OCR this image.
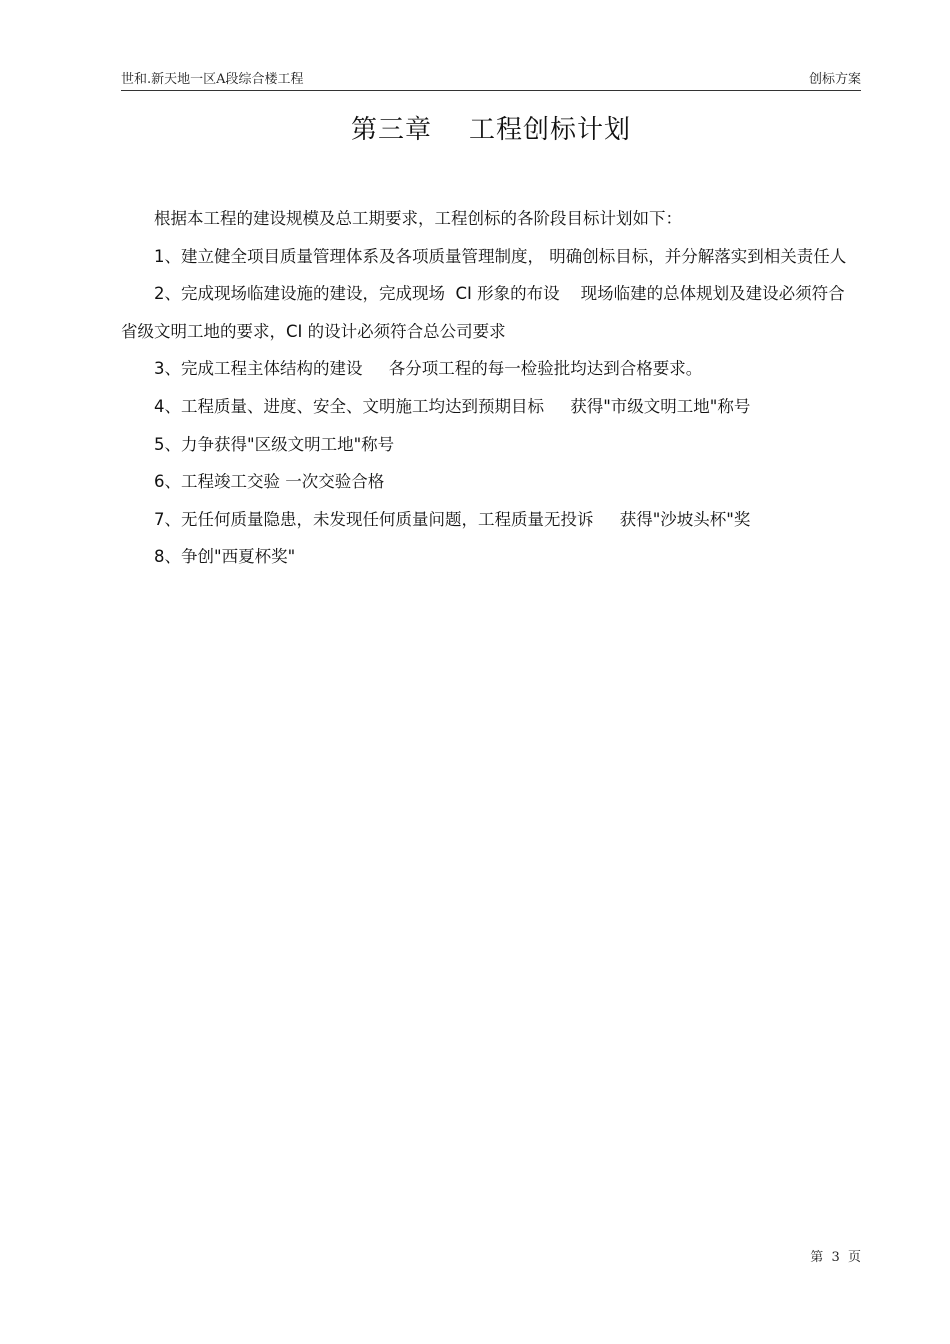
世和.新天地一区A段综合楼工程	创标方案
第三章    工程创标计划

根据本工程的建设规模及总工期要求，工程创标的各阶段目标计划如下：

1、建立健全项目质量管理体系及各项质量管理制度， 明确创标目标，并分解落实到相关责任人

2、完成现场临建设施的建设，完成现场  CI 形象的布设    现场临建的总体规划及建设必须符合省级文明工地的要求，CI 的设计必须符合总公司要求

3、完成工程主体结构的建设     各分项工程的每一检验批均达到合格要求。

4、工程质量、进度、安全、文明施工均达到预期目标     获得"市级文明工地"称号

5、力争获得"区级文明工地"称号

6、工程竣工交验 一次交验合格

7、无任何质量隐患，未发现任何质量问题，工程质量无投诉     获得"沙坡头杯"奖

8、争创"西夏杯奖"

第  3  页
